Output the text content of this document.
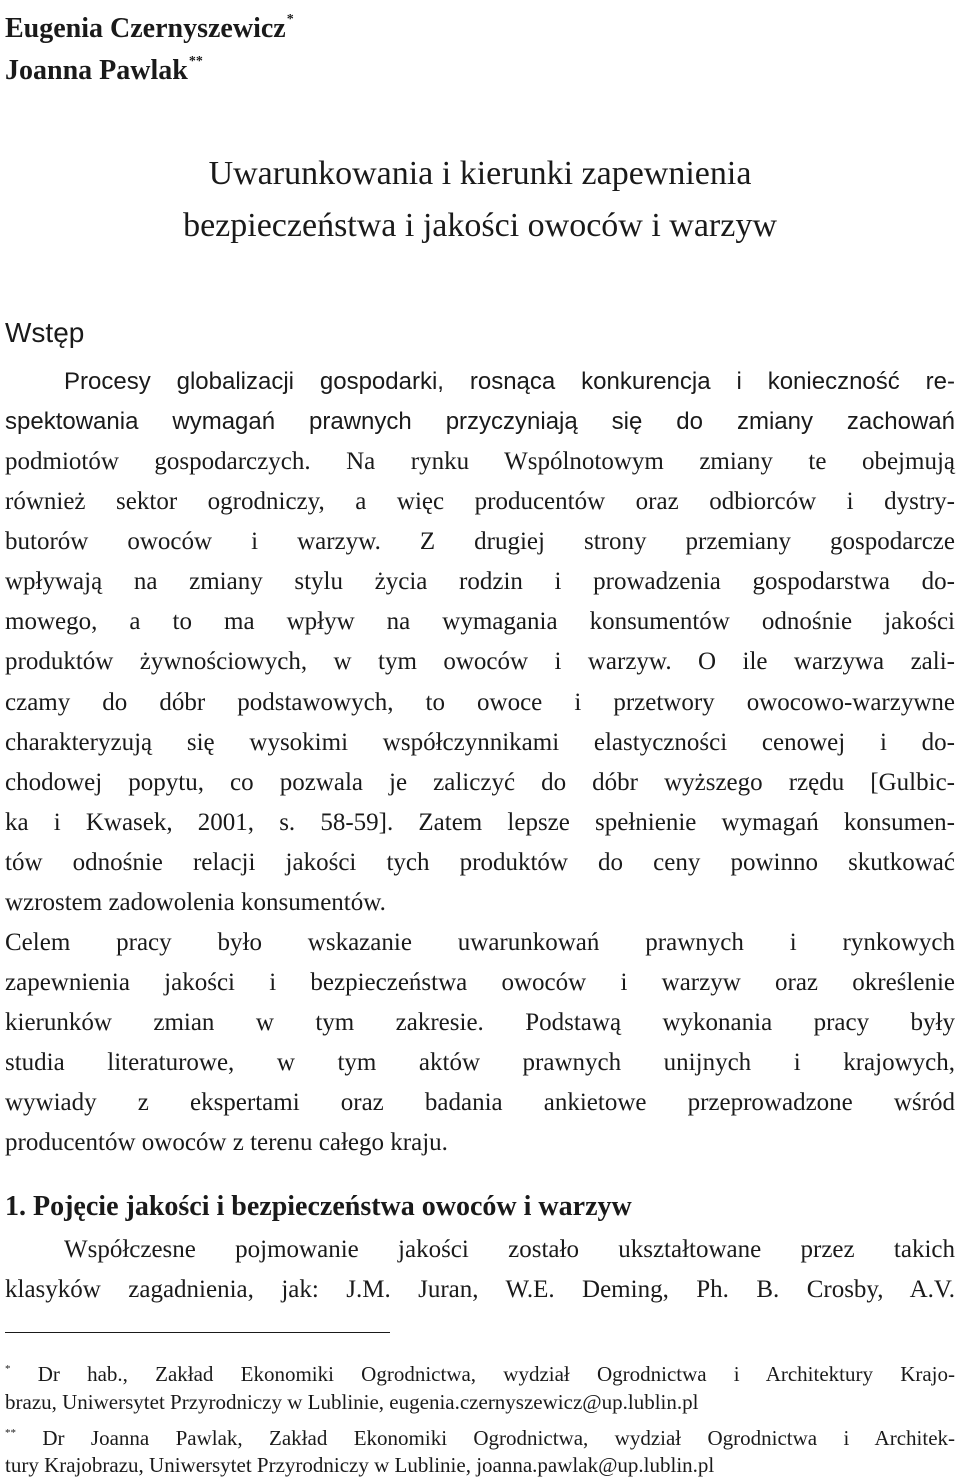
Eugenia Czernyszewicz*
Joanna Pawlak**
Uwarunkowania i kierunki zapewnienia
bezpieczeństwa i jakości owoców i warzyw
Wstęp
Procesy globalizacji gospodarki, rosnąca konkurencja i konieczność re-
spektowania wymagań prawnych przyczyniają się do zmiany zachowań
podmiotów gospodarczych. Na rynku Wspólnotowym zmiany te obejmują
również sektor ogrodniczy, a więc producentów oraz odbiorców i dystry-
butorów owoców i warzyw. Z drugiej strony przemiany gospodarcze
wpływają na zmiany stylu życia rodzin i prowadzenia gospodarstwa do-
mowego, a to ma wpływ na wymagania konsumentów odnośnie jakości
produktów żywnościowych, w tym owoców i warzyw. O ile warzywa zali-
czamy do dóbr podstawowych, to owoce i przetwory owocowo-warzywne
charakteryzują się wysokimi współczynnikami elastyczności cenowej i do-
chodowej popytu, co pozwala je zaliczyć do dóbr wyższego rzędu [Gulbic-
ka i Kwasek, 2001, s. 58-59]. Zatem lepsze spełnienie wymagań konsumen-
tów odnośnie relacji jakości tych produktów do ceny powinno skutkować
wzrostem zadowolenia konsumentów.
Celem pracy było wskazanie uwarunkowań prawnych i rynkowych
zapewnienia jakości i bezpieczeństwa owoców i warzyw oraz określenie
kierunków zmian w tym zakresie. Podstawą wykonania pracy były
studia literaturowe, w tym aktów prawnych unijnych i krajowych,
wywiady z ekspertami oraz badania ankietowe przeprowadzone wśród
producentów owoców z terenu całego kraju.
1. Pojęcie jakości i bezpieczeństwa owoców i warzyw
Współczesne pojmowanie jakości zostało ukształtowane przez takich
klasyków zagadnienia, jak: J.M. Juran, W.E. Deming, Ph. B. Crosby, A.V.
* Dr hab., Zakład Ekonomiki Ogrodnictwa, wydział Ogrodnictwa i Architektury Krajo-
brazu, Uniwersytet Przyrodniczy w Lublinie, eugenia.czernyszewicz@up.lublin.pl
** Dr Joanna Pawlak, Zakład Ekonomiki Ogrodnictwa, wydział Ogrodnictwa i Architek-
tury Krajobrazu, Uniwersytet Przyrodniczy w Lublinie, joanna.pawlak@up.lublin.pl
